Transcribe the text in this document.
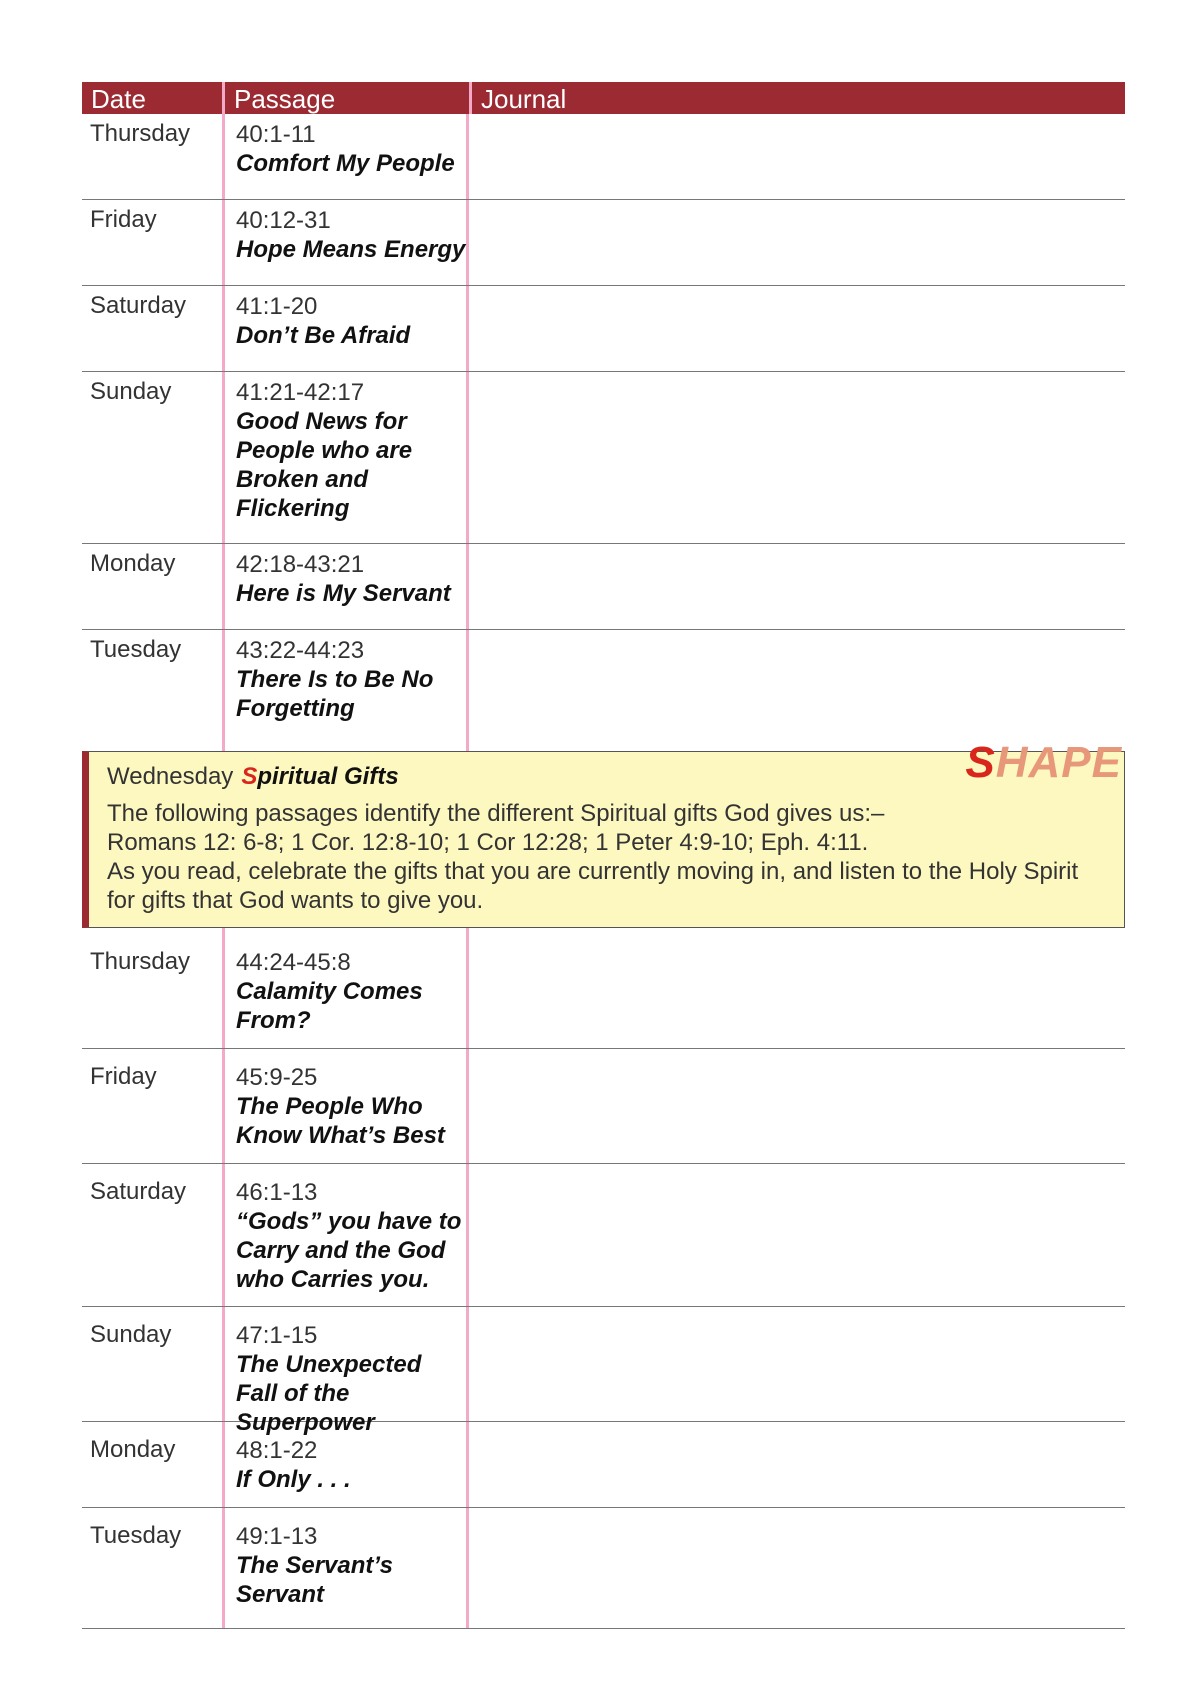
Date	Passage	Journal
Thursday	40:1-11
Comfort My People
Friday	40:12-31
Hope Means Energy
Saturday	41:1-20
Don’t Be Afraid
Sunday	41:21-42:17
Good News for People who are Broken and Flickering
Monday	42:18-43:21
Here is My Servant
Tuesday	43:22-44:23
There Is to Be No Forgetting
SHAPE
Wednesday Spiritual Gifts

The following passages identify the different Spiritual gifts God gives us:–

Romans 12: 6-8; 1 Cor. 12:8-10; 1 Cor 12:28; 1 Peter 4:9-10; Eph. 4:11.

As you read, celebrate the gifts that you are currently moving in, and listen to the Holy Spirit for gifts that God wants to give you.

Thursday	44:24-45:8
Calamity Comes From?
Friday	45:9-25
The People Who Know What’s Best
Saturday	46:1-13
“Gods” you have to Carry and the God who Carries you.
Sunday	47:1-15
The Unexpected Fall of the Superpower
Monday	48:1-22
If Only . . .
Tuesday	49:1-13
The Servant’s Servant
